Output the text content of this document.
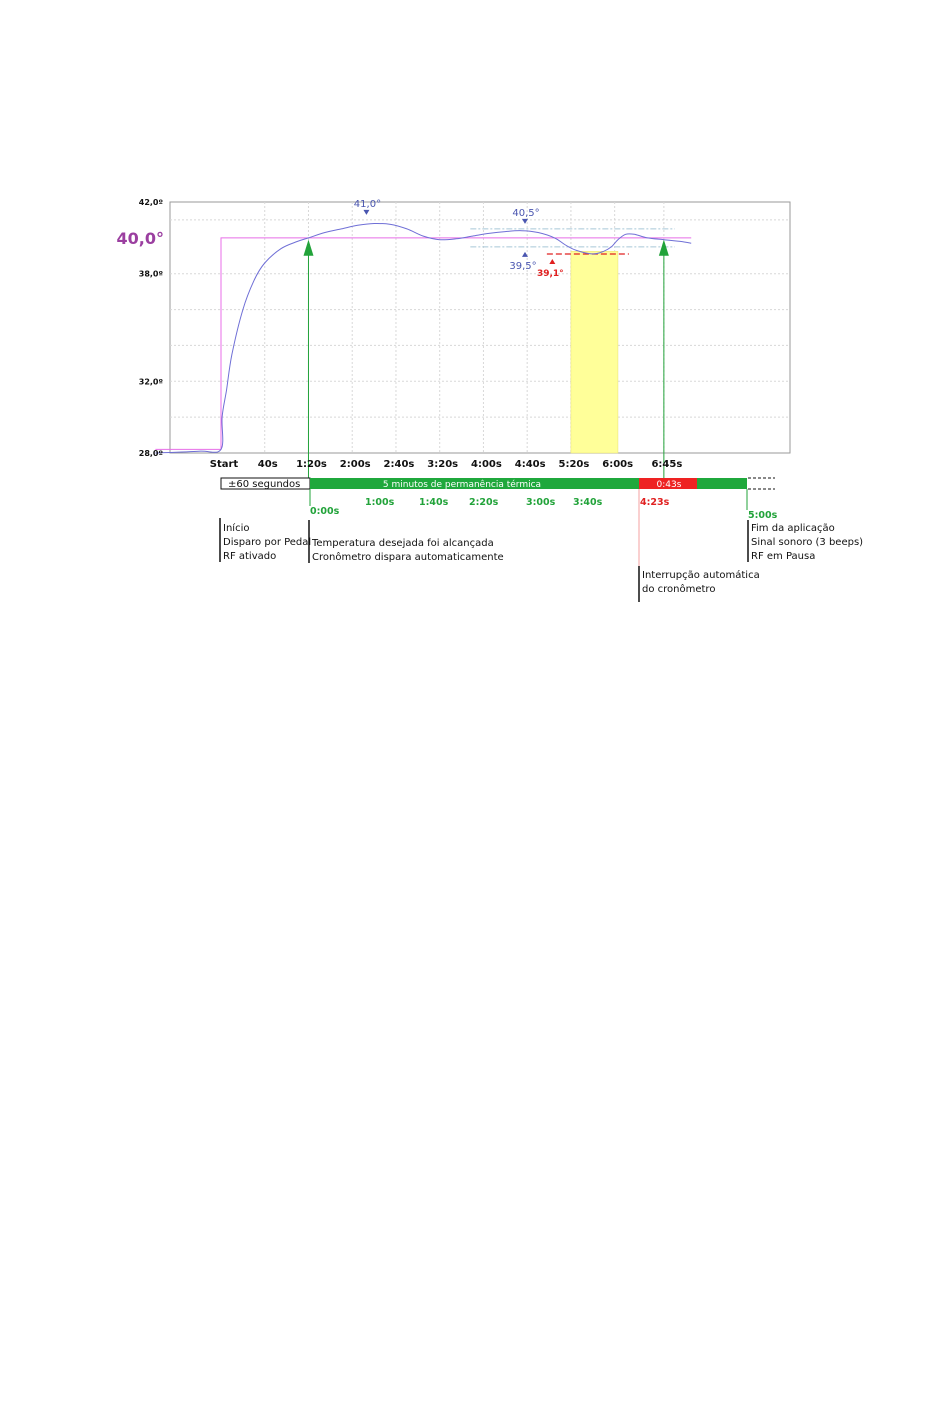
41,0°
40,5°
39,5°
39,1°
42,0º
38,0º
32,0º
28,0º
40,0°
Start 40s 1:20s 2:00s 2:40s 3:20s 4:00s 4:40s 5:20s 6:00s 6:45s
±60 segundos	5 minutos de permanência térmica	0:43s
0:00s
1:00s	1:40s 2:20s	3:00s 3:40s	4:23s
5:00s
Início
Disparo por Pedal
RF ativado
Temperatura desejada foi alcançada
Cronômetro dispara automaticamente
Interrupção automática
do cronômetro
Fim da aplicação
Sinal sonoro (3 beeps)
RF em Pausa
